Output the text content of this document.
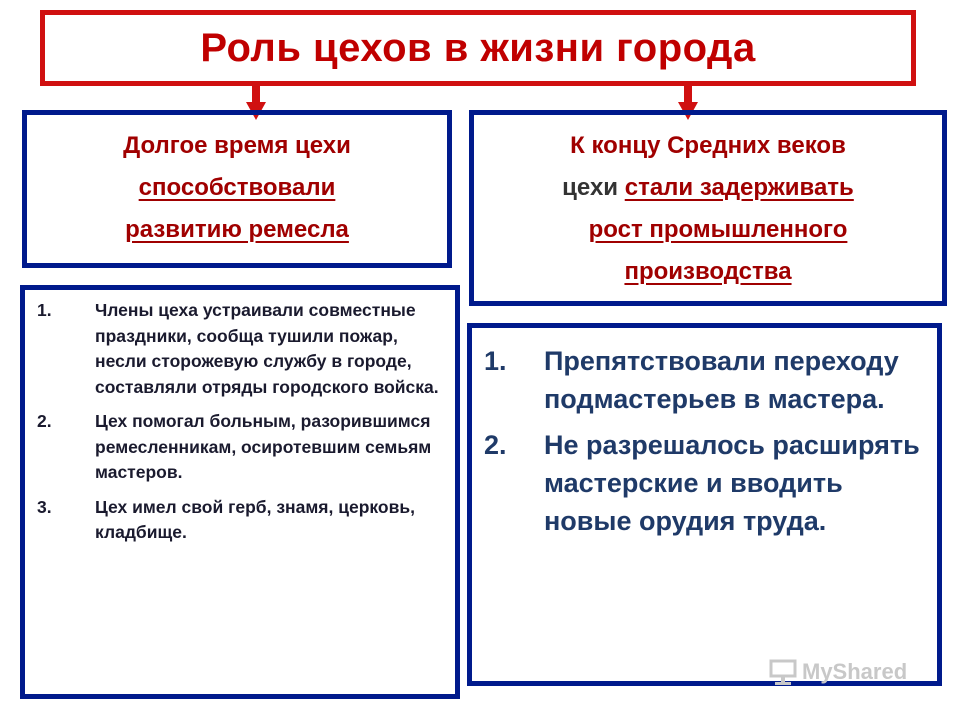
Роль цехов в жизни города
Долгое время цехи
способствовали
развитию ремесла
К концу Средних веков
цехи стали задерживать
рост промышленного
производства
1.	Члены цеха устраивали совместные праздники, сообща тушили пожар, несли сторожевую службу в городе, составляли отряды городского войска.
2.	Цех помогал больным, разорившимся ремесленникам, осиротевшим семьям мастеров.
3.	Цех имел свой герб, знамя, церковь, кладбище.
1.	Препятствовали переходу подмастерьев в мастера.
2.	Не разрешалось расширять мастерские и вводить новые орудия труда.
MyShared
